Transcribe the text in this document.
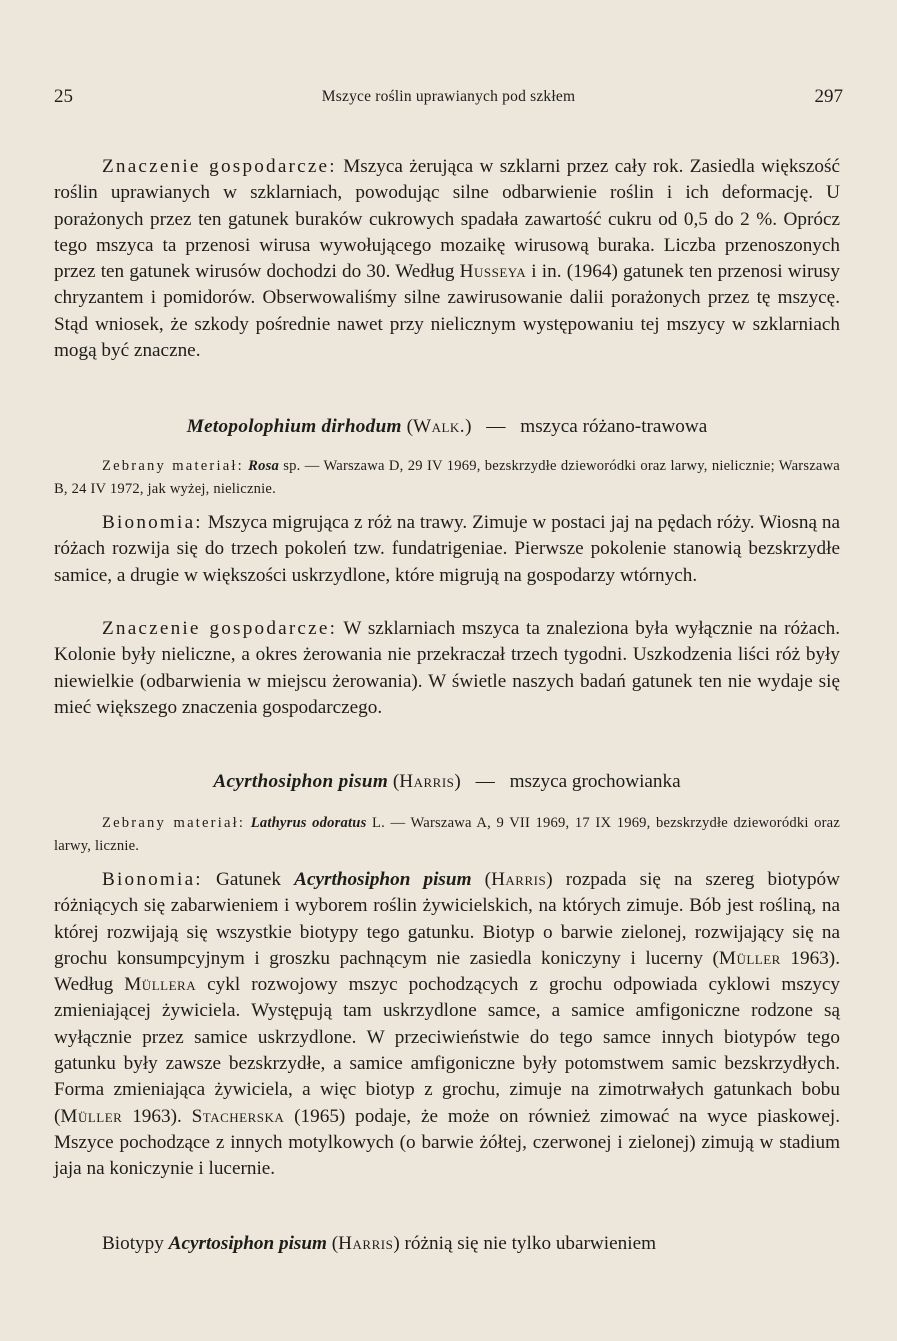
25	Mszyce roślin uprawianych pod szkłem	297

Znaczenie gospodarcze: Mszyca żerująca w szklarni przez cały rok. Zasiedla większość roślin uprawianych w szklarniach, powodując silne odbarwienie roślin i ich deformację. U porażonych przez ten gatunek buraków cukrowych spadała zawartość cukru od 0,5 do 2 %. Oprócz tego mszyca ta przenosi wirusa wywołującego mozaikę wirusową buraka. Liczba przenoszonych przez ten gatunek wirusów dochodzi do 30. Według Husseya i in. (1964) gatunek ten przenosi wirusy chryzantem i pomidorów. Obserwowaliśmy silne zawirusowanie dalii porażonych przez tę mszycę. Stąd wniosek, że szkody pośrednie nawet przy nielicznym występowaniu tej mszycy w szklarniach mogą być znaczne.

Metopolophium dirhodum (Walk.) — mszyca różano-trawowa

Zebrany materiał: Rosa sp. — Warszawa D, 29 IV 1969, bezskrzydłe dzieworódki oraz larwy, nielicznie; Warszawa B, 24 IV 1972, jak wyżej, nielicznie.

Bionomia: Mszyca migrująca z róż na trawy. Zimuje w postaci jaj na pędach róży. Wiosną na różach rozwija się do trzech pokoleń tzw. fundatrigeniae. Pierwsze pokolenie stanowią bezskrzydłe samice, a drugie w większości uskrzydlone, które migrują na gospodarzy wtórnych.

Znaczenie gospodarcze: W szklarniach mszyca ta znaleziona była wyłącznie na różach. Kolonie były nieliczne, a okres żerowania nie przekraczał trzech tygodni. Uszkodzenia liści róż były niewielkie (odbarwienia w miejscu żerowania). W świetle naszych badań gatunek ten nie wydaje się mieć większego znaczenia gospodarczego.

Acyrthosiphon pisum (Harris) — mszyca grochowianka

Zebrany materiał: Lathyrus odoratus L. — Warszawa A, 9 VII 1969, 17 IX 1969, bezskrzydłe dzieworódki oraz larwy, licznie.

Bionomia: Gatunek Acyrthosiphon pisum (Harris) rozpada się na szereg biotypów różniących się zabarwieniem i wyborem roślin żywicielskich, na których zimuje. Bób jest rośliną, na której rozwijają się wszystkie biotypy tego gatunku. Biotyp o barwie zielonej, rozwijający się na grochu konsumpcyjnym i groszku pachnącym nie zasiedla koniczyny i lucerny (Müller 1963). Według Müllera cykl rozwojowy mszyc pochodzących z grochu odpowiada cyklowi mszycy zmieniającej żywiciela. Występują tam uskrzydlone samce, a samice amfigoniczne rodzone są wyłącznie przez samice uskrzydlone. W przeciwieństwie do tego samce innych biotypów tego gatunku były zawsze bezskrzydłe, a samice amfigoniczne były potomstwem samic bezskrzydłych. Forma zmieniająca żywiciela, a więc biotyp z grochu, zimuje na zimotrwałych gatunkach bobu (Müller 1963). Stacherska (1965) podaje, że może on również zimować na wyce piaskowej. Mszyce pochodzące z innych motylkowych (o barwie żółtej, czerwonej i zielonej) zimują w stadium jaja na koniczynie i lucernie.

Biotypy Acyrtosiphon pisum (Harris) różnią się nie tylko ubarwieniem
